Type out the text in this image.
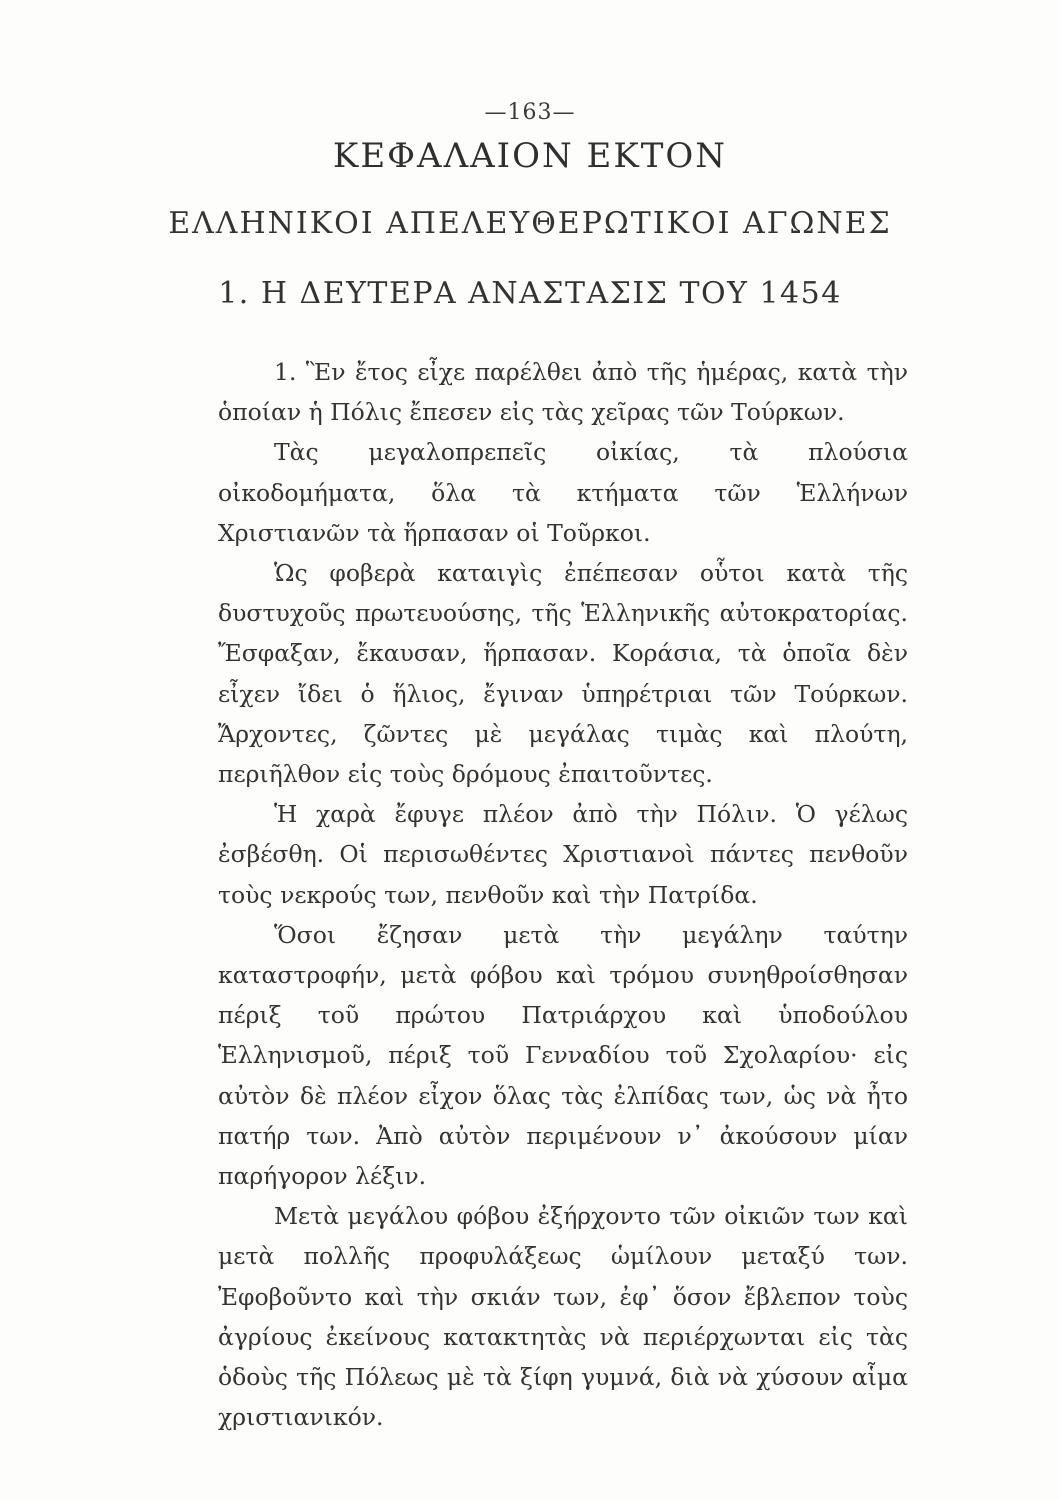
—163—
ΚΕΦΑΛΑΙΟΝ ΕΚΤΟΝ
ΕΛΛΗΝΙΚΟΙ ΑΠΕΛΕΥΘΕΡΩΤΙΚΟΙ ΑΓΩΝΕΣ
1. Η ΔΕΥΤΕΡΑ ΑΝΑΣΤΑΣΙΣ ΤΟΥ 1454

1. Ἓν ἔτος εἶχε παρέλθει ἀπὸ τῆς ἡμέρας, κατὰ τὴν ὁποίαν ἡ Πόλις ἔπεσεν εἰς τὰς χεῖρας τῶν Τούρκων.

Τὰς μεγαλοπρεπεῖς οἰκίας, τὰ πλούσια οἰκοδομήματα, ὅλα τὰ κτήματα τῶν Ἑλλήνων Χριστιανῶν τὰ ἥρπασαν οἱ Τοῦρκοι.

Ὡς φοβερὰ καταιγὶς ἐπέπεσαν οὗτοι κατὰ τῆς δυστυχοῦς πρωτευούσης, τῆς Ἑλληνικῆς αὐτοκρατορίας. Ἔσφαξαν, ἔκαυσαν, ἥρπασαν. Κοράσια, τὰ ὁποῖα δὲν εἶχεν ἴδει ὁ ἥλιος, ἔγιναν ὑπηρέτριαι τῶν Τούρκων. Ἄρχοντες, ζῶντες μὲ μεγάλας τιμὰς καὶ πλούτη, περιῆλθον εἰς τοὺς δρόμους ἐπαιτοῦντες.

Ἡ χαρὰ ἔφυγε πλέον ἀπὸ τὴν Πόλιν. Ὁ γέλως ἐσβέσθη. Οἱ περισωθέντες Χριστιανοὶ πάντες πενθοῦν τοὺς νεκρούς των, πενθοῦν καὶ τὴν Πατρίδα.

Ὅσοι ἔζησαν μετὰ τὴν μεγάλην ταύτην καταστροφήν, μετὰ φόβου καὶ τρόμου συνηθροίσθησαν πέριξ τοῦ πρώτου Πατριάρχου καὶ ὑποδούλου Ἑλληνισμοῦ, πέριξ τοῦ Γενναδίου τοῦ Σχολαρίου· εἰς αὐτὸν δὲ πλέον εἶχον ὅλας τὰς ἐλπίδας των, ὡς νὰ ἦτο πατήρ των. Ἀπὸ αὐτὸν περιμένουν ν᾽ ἀκούσουν μίαν παρήγορον λέξιν.

Μετὰ μεγάλου φόβου ἐξήρχοντο τῶν οἰκιῶν των καὶ μετὰ πολλῆς προφυλάξεως ὡμίλουν μεταξύ των. Ἐφοβοῦντο καὶ τὴν σκιάν των, ἐφ᾽ ὅσον ἔβλεπον τοὺς ἀγρίους ἐκείνους κατακτητὰς νὰ περιέρχωνται εἰς τὰς ὁδοὺς τῆς Πόλεως μὲ τὰ ξίφη γυμνά, διὰ νὰ χύσουν αἷμα χριστιανικόν.
